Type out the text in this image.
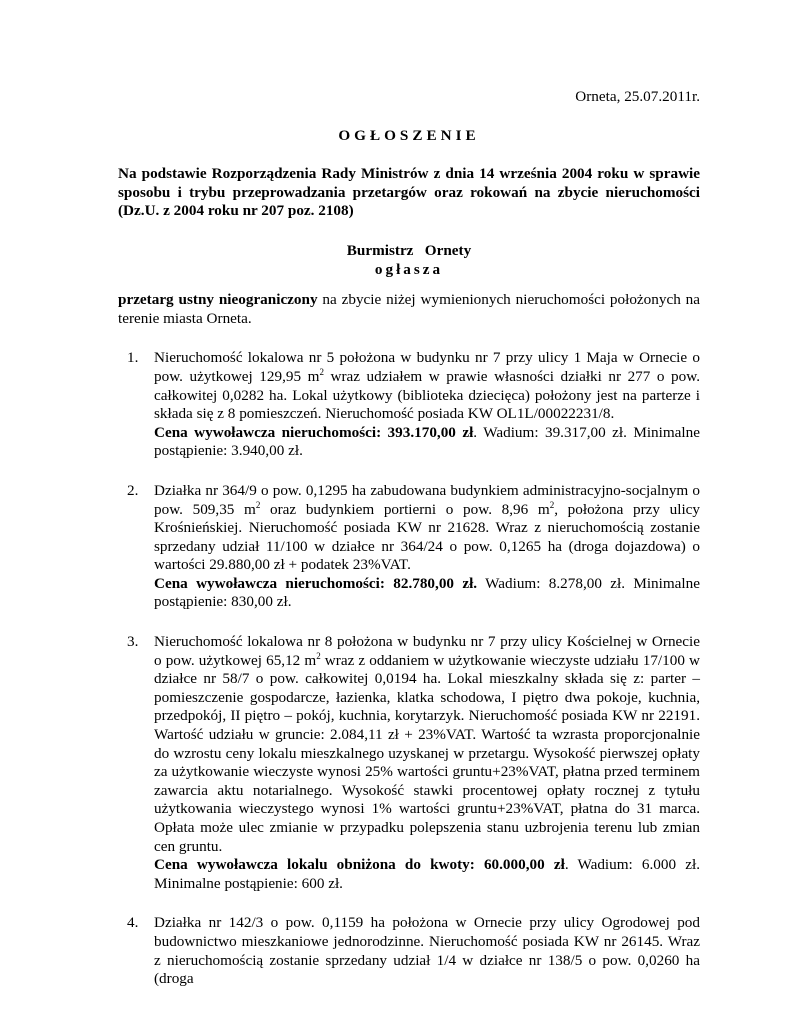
Orneta, 25.07.2011r.

OGŁOSZENIE

Na podstawie Rozporządzenia Rady Ministrów z dnia 14 września 2004 roku w sprawie sposobu i trybu przeprowadzania przetargów oraz rokowań na zbycie nieruchomości (Dz.U. z 2004 roku nr 207 poz. 2108)

Burmistrz   Ornety

ogłasza

przetarg ustny nieograniczony na zbycie niżej wymienionych nieruchomości położonych na terenie miasta Orneta.

1. Nieruchomość lokalowa nr 5 położona w budynku nr 7 przy ulicy 1 Maja w Ornecie o pow. użytkowej 129,95 $m^2$ wraz udziałem w prawie własności działki nr 277 o pow. całkowitej 0,0282 ha. Lokal użytkowy (biblioteka dziecięca) położony jest na parterze i składa się z 8 pomieszczeń. Nieruchomość posiada KW OL1L/00022231/8.

Cena wywoławcza nieruchomości: 393.170,00 zł. Wadium: 39.317,00 zł. Minimalne postąpienie: 3.940,00 zł.

2. Działka nr 364/9 o pow. 0,1295 ha zabudowana budynkiem administracyjno-socjalnym o pow. 509,35 $m^2$ oraz budynkiem portierni o pow. 8,96 $m^2$, położona przy ulicy Krośnieńskiej. Nieruchomość posiada KW nr 21628. Wraz z nieruchomością zostanie sprzedany udział 11/100 w działce nr 364/24 o pow. 0,1265 ha (droga dojazdowa) o wartości 29.880,00 zł + podatek 23%VAT.

Cena wywoławcza nieruchomości: 82.780,00 zł. Wadium: 8.278,00 zł. Minimalne postąpienie: 830,00 zł.

3. Nieruchomość lokalowa nr 8 położona w budynku nr 7 przy ulicy Kościelnej w Ornecie o pow. użytkowej 65,12 $m^2$ wraz z oddaniem w użytkowanie wieczyste udziału 17/100 w działce nr 58/7 o pow. całkowitej 0,0194 ha. Lokal mieszkalny składa się z: parter – pomieszczenie gospodarcze, łazienka, klatka schodowa, I piętro dwa pokoje, kuchnia, przedpokój, II piętro – pokój, kuchnia, korytarzyk. Nieruchomość posiada KW nr 22191. Wartość udziału w gruncie: 2.084,11 zł + 23%VAT. Wartość ta wzrasta proporcjonalnie do wzrostu ceny lokalu mieszkalnego uzyskanej w przetargu. Wysokość pierwszej opłaty za użytkowanie wieczyste wynosi 25% wartości gruntu+23%VAT, płatna przed terminem zawarcia aktu notarialnego. Wysokość stawki procentowej opłaty rocznej z tytułu użytkowania wieczystego wynosi 1% wartości gruntu+23%VAT, płatna do 31 marca. Opłata może ulec zmianie w przypadku polepszenia stanu uzbrojenia terenu lub zmian cen gruntu.

Cena wywoławcza lokalu obniżona do kwoty: 60.000,00 zł. Wadium: 6.000 zł. Minimalne postąpienie: 600 zł.

4. Działka nr 142/3 o pow. 0,1159 ha położona w Ornecie przy ulicy Ogrodowej pod budownictwo mieszkaniowe jednorodzinne. Nieruchomość posiada KW nr 26145. Wraz z nieruchomością zostanie sprzedany udział 1/4 w działce nr 138/5 o pow. 0,0260 ha (droga
